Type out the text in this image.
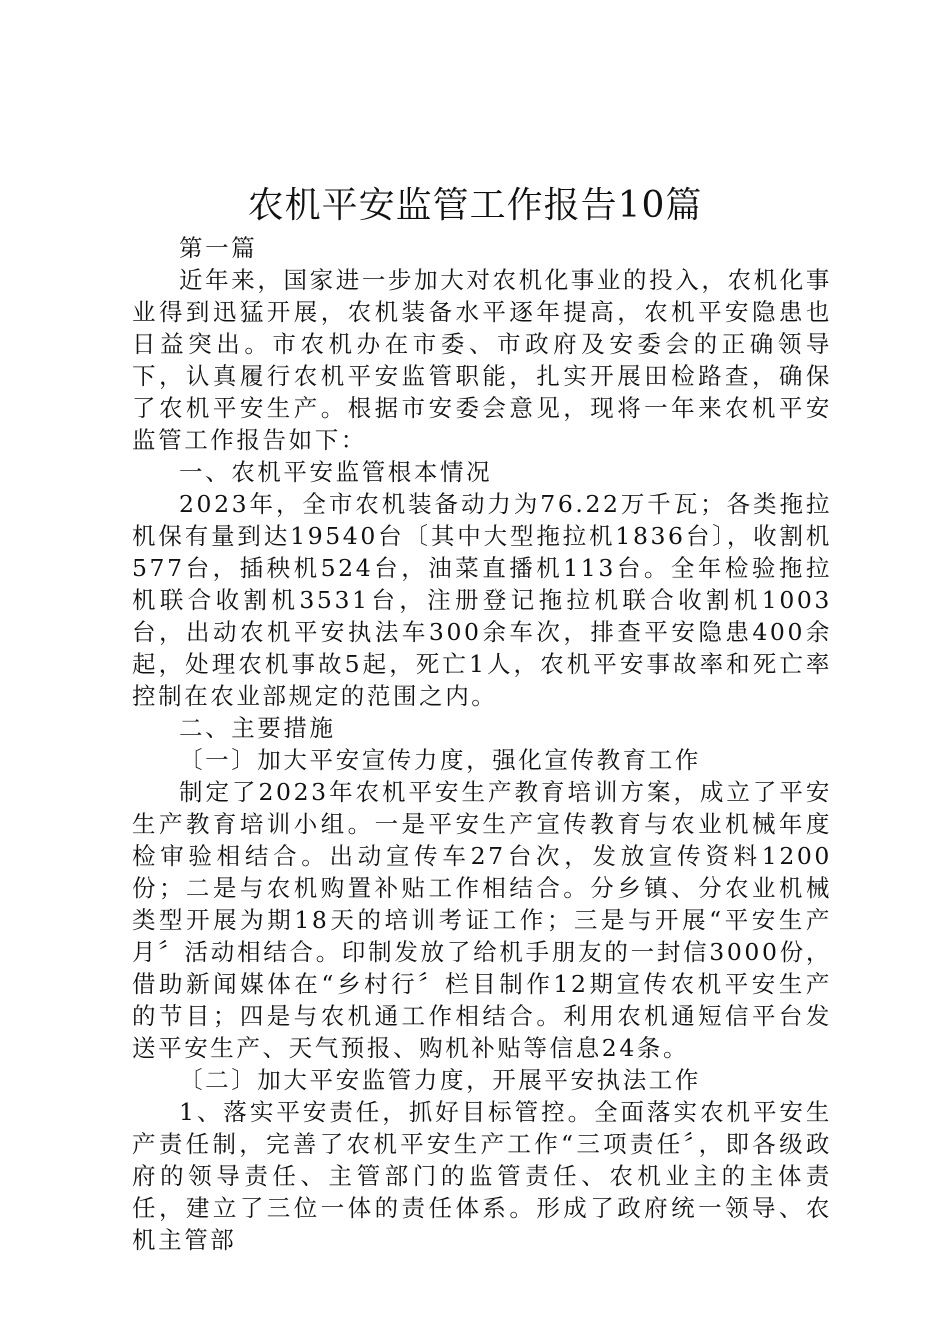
农机平安监管工作报告10篇

第一篇

近年来，国家进一步加大对农机化事业的投入，农机化事业得到迅猛开展，农机装备水平逐年提高，农机平安隐患也日益突出。市农机办在市委、市政府及安委会的正确领导下，认真履行农机平安监管职能，扎实开展田检路查，确保了农机平安生产。根据市安委会意见，现将一年来农机平安监管工作报告如下：

一、农机平安监管根本情况

2023年，全市农机装备动力为76.22万千瓦；各类拖拉机保有量到达19540台〔其中大型拖拉机1836台〕，收割机577台，插秧机524台，油菜直播机113台。全年检验拖拉机联合收割机3531台，注册登记拖拉机联合收割机1003台，出动农机平安执法车300余车次，排查平安隐患400余起，处理农机事故5起，死亡1人，农机平安事故率和死亡率控制在农业部规定的范围之内。

二、主要措施

〔一〕加大平安宣传力度，强化宣传教育工作

制定了2023年农机平安生产教育培训方案，成立了平安生产教育培训小组。一是平安生产宣传教育与农业机械年度检审验相结合。出动宣传车27台次，发放宣传资料1200份；二是与农机购置补贴工作相结合。分乡镇、分农业机械类型开展为期18天的培训考证工作；三是与开展“平安生产月〞活动相结合。印制发放了给机手朋友的一封信3000份，借助新闻媒体在“乡村行〞栏目制作12期宣传农机平安生产的节目；四是与农机通工作相结合。利用农机通短信平台发送平安生产、天气预报、购机补贴等信息24条。

〔二〕加大平安监管力度，开展平安执法工作

1、落实平安责任，抓好目标管控。全面落实农机平安生产责任制，完善了农机平安生产工作“三项责任〞，即各级政府的领导责任、主管部门的监管责任、农机业主的主体责任，建立了三位一体的责任体系。形成了政府统一领导、农机主管部
